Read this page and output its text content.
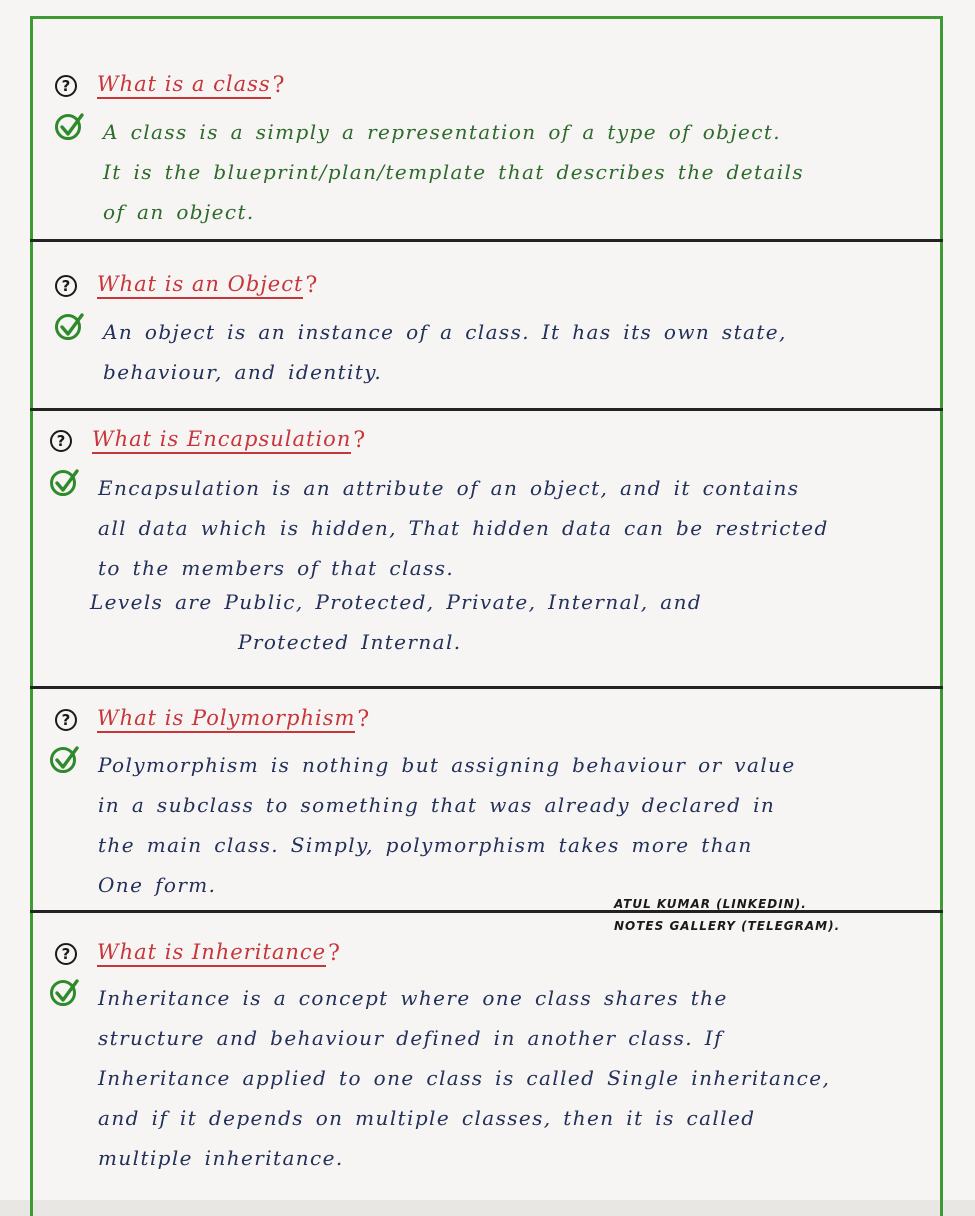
?	What is a class ?
A class is a simply a representation of a type of object.
It is the blueprint/plan/template that describes the details
of an object.
?	What is an Object ?
An object is an instance of a class. It has its own state,
behaviour, and identity.
?	What is Encapsulation ?
Encapsulation is an attribute of an object, and it contains
all data which is hidden, That hidden data can be restricted
to the members of that class.
Levels are Public, Protected, Private, Internal, and
Protected Internal.
?	What is Polymorphism ?
Polymorphism is nothing but assigning behaviour or value
in a subclass to something that was already declared in
the main class. Simply, polymorphism takes more than
One form.
ATUL KUMAR (LINKEDIN).
NOTES GALLERY (TELEGRAM).
?	What is Inheritance ?
Inheritance is a concept where one class shares the
structure and behaviour defined in another class. If
Inheritance applied to one class is called Single inheritance,
and if it depends on multiple classes, then it is called
multiple inheritance.
